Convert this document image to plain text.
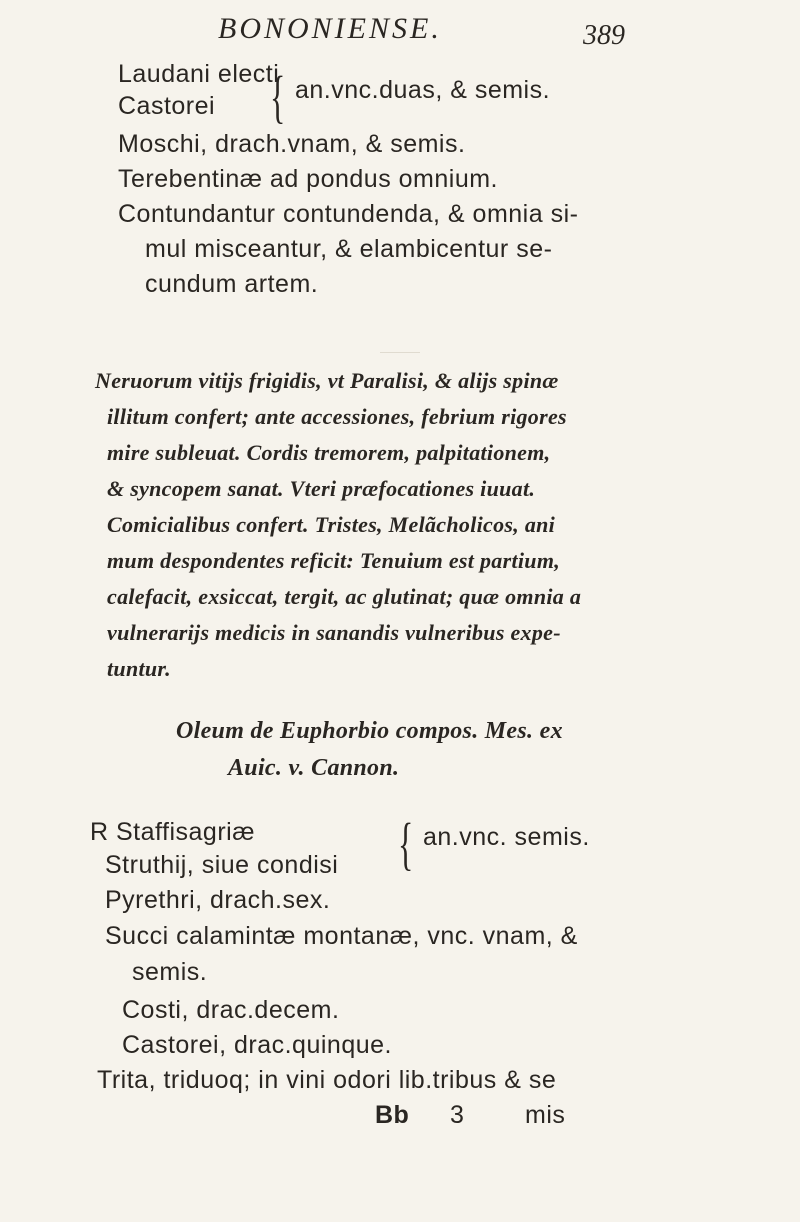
BONONIENSE.	389
Laudani electi
Castorei { an.vnc.duas, & semis.
Moschi, drach.vnam, & semis.
Terebentinæ ad pondus omnium.
Contundantur contundenda, & omnia si-
mul misceantur, & elambicentur se-
cundum artem.
Neruorum vitijs frigidis, vt Paralisi, & alijs spinæ
illitum confert; ante accessiones, febrium rigores
mire subleuat. Cordis tremorem, palpitationem,
& syncopem sanat. Vteri præfocationes iuuat.
Comicialibus confert. Tristes, Melãcholicos, ani
mum despondentes reficit: Tenuium est partium,
calefacit, exsiccat, tergit, ac glutinat; quæ omnia a
vulnerarijs medicis in sanandis vulneribus expe-
tuntur.
Oleum de Euphorbio compos. Mes. ex
Auic. v. Cannon.
R Staffisagriæ
Struthij, siue condisi { an.vnc. semis.
Pyrethri, drach.sex.
Succi calamintæ montanæ, vnc. vnam, &
semis.
Costi, drac.decem.
Castorei, drac.quinque.
Trita, triduoq; in vini odori lib.tribus & se
Bb 3 mis
